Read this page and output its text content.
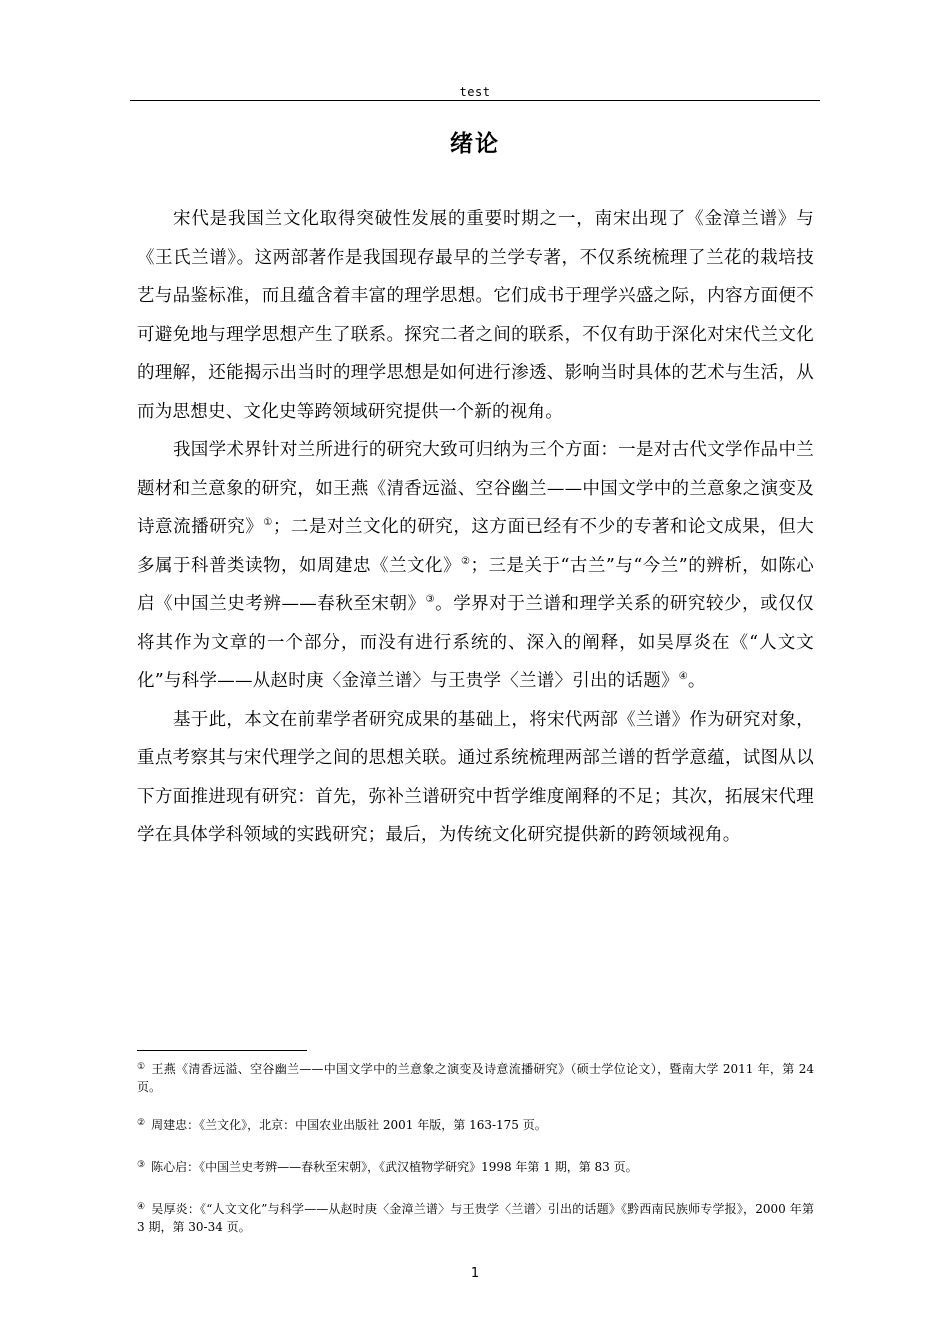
test
绪论

宋代是我国兰文化取得突破性发展的重要时期之一，南宋出现了《金漳兰谱》与《王氏兰谱》。这两部著作是我国现存最早的兰学专著，不仅系统梳理了兰花的栽培技艺与品鉴标准，而且蕴含着丰富的理学思想。它们成书于理学兴盛之际，内容方面便不可避免地与理学思想产生了联系。探究二者之间的联系，不仅有助于深化对宋代兰文化的理解，还能揭示出当时的理学思想是如何进行渗透、影响当时具体的艺术与生活，从而为思想史、文化史等跨领域研究提供一个新的视角。

我国学术界针对兰所进行的研究大致可归纳为三个方面：一是对古代文学作品中兰题材和兰意象的研究，如王燕《清香远溢、空谷幽兰——中国文学中的兰意象之演变及诗意流播研究》①；二是对兰文化的研究，这方面已经有不少的专著和论文成果，但大多属于科普类读物，如周建忠《兰文化》②；三是关于“古兰”与“今兰”的辨析，如陈心启《中国兰史考辨——春秋至宋朝》③。学界对于兰谱和理学关系的研究较少，或仅仅将其作为文章的一个部分，而没有进行系统的、深入的阐释，如吴厚炎在《“人文文化”与科学——从赵时庚〈金漳兰谱〉与王贵学〈兰谱〉引出的话题》④。

基于此，本文在前辈学者研究成果的基础上，将宋代两部《兰谱》作为研究对象，重点考察其与宋代理学之间的思想关联。通过系统梳理两部兰谱的哲学意蕴，试图从以下方面推进现有研究：首先，弥补兰谱研究中哲学维度阐释的不足；其次，拓展宋代理学在具体学科领域的实践研究；最后，为传统文化研究提供新的跨领域视角。

① 王燕《清香远溢、空谷幽兰——中国文学中的兰意象之演变及诗意流播研究》（硕士学位论文），暨南大学 2011 年，第 24 页。
② 周建忠：《兰文化》，北京：中国农业出版社 2001 年版，第 163-175 页。
③ 陈心启：《中国兰史考辨——春秋至宋朝》，《武汉植物学研究》1998 年第 1 期，第 83 页。
④ 吴厚炎：《“人文文化”与科学——从赵时庚〈金漳兰谱〉与王贵学〈兰谱〉引出的话题》《黔西南民族师专学报》，2000 年第 3 期，第 30-34 页。
1
